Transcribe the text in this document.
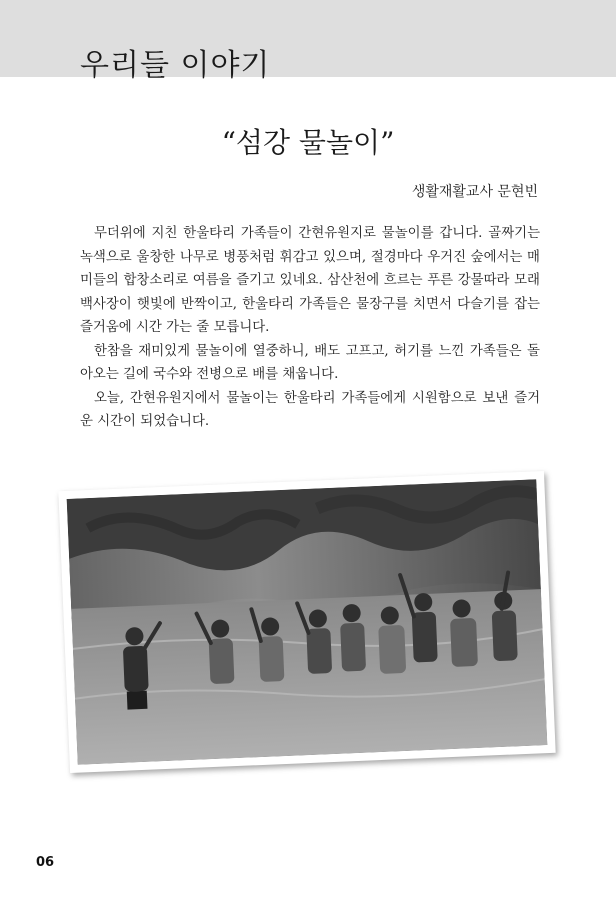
우리들 이야기
“섬강 물놀이”
생활재활교사 문현빈

무더위에 지친 한울타리 가족들이 간현유원지로 물놀이를 갑니다. 골짜기는 녹색으로 울창한 나무로 병풍처럼 휘감고 있으며, 절경마다 우거진 숲에서는 매미들의 합창소리로 여름을 즐기고 있네요. 삼산천에 흐르는 푸른 강물따라 모래백사장이 햇빛에 반짝이고, 한울타리 가족들은 물장구를 치면서 다슬기를 잡는 즐거움에 시간 가는 줄 모릅니다.

한참을 재미있게 물놀이에 열중하니, 배도 고프고, 허기를 느낀 가족들은 돌아오는 길에 국수와 전병으로 배를 채웁니다.

오늘, 간현유원지에서 물놀이는 한울타리 가족들에게 시원함으로 보낸 즐거운 시간이 되었습니다.

06
